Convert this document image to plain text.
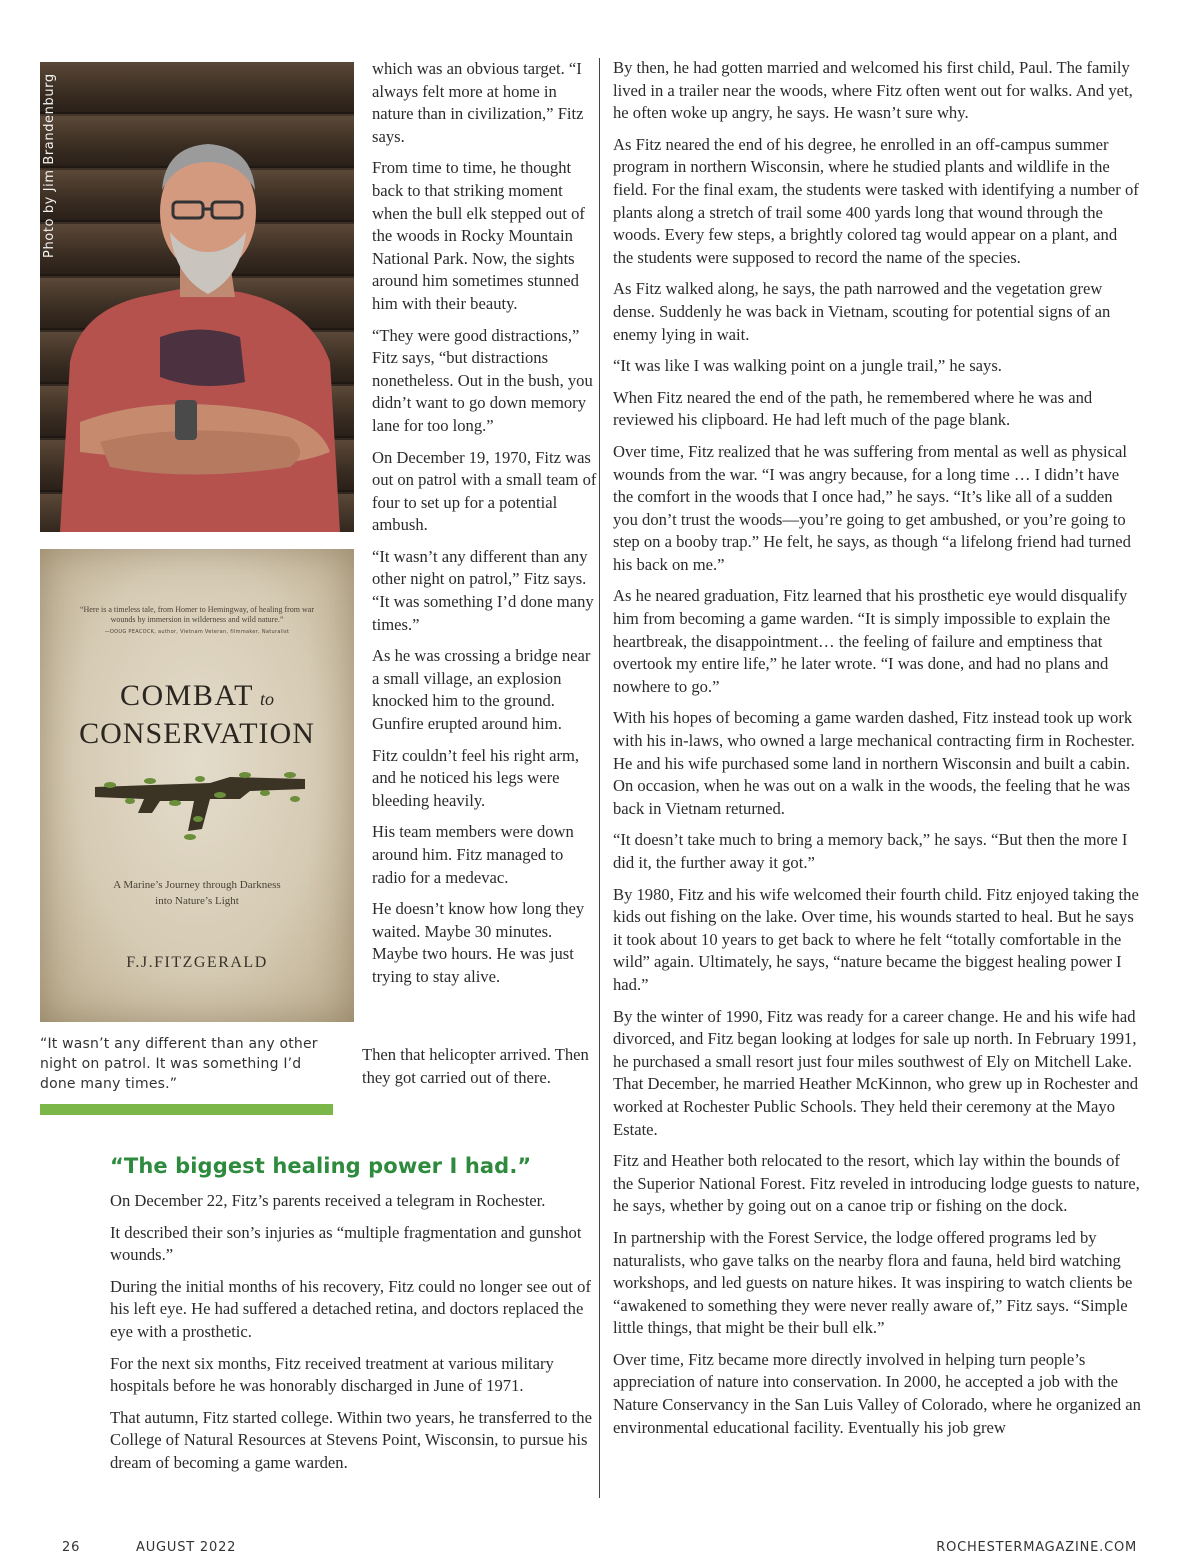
Photo by Jim Brandenburg
“Here is a timeless tale, from Homer to Hemingway, of healing from war wounds by immersion in wilderness and wild nature.”
—DOUG PEACOCK, author, Vietnam Veteran, filmmaker, Naturalist
COMBAT to
CONSERVATION
A Marine’s Journey through Darkness
into Nature’s Light
F.J.FITZGERALD
“It wasn’t any different than any other night on patrol. It was something I’d done many times.”

which was an obvious target. “I always felt more at home in nature than in civilization,” Fitz says.

From time to time, he thought back to that striking moment when the bull elk stepped out of the woods in Rocky Mountain National Park. Now, the sights around him sometimes stunned him with their beauty.

“They were good distractions,” Fitz says, “but distractions nonetheless. Out in the bush, you didn’t want to go down memory lane for too long.”

On December 19, 1970, Fitz was out on patrol with a small team of four to set up for a potential ambush.

“It wasn’t any different than any other night on patrol,” Fitz says. “It was something I’d done many times.”

As he was crossing a bridge near a small village, an explosion knocked him to the ground. Gunfire erupted around him.

Fitz couldn’t feel his right arm, and he noticed his legs were bleeding heavily.

His team members were down around him. Fitz managed to radio for a medevac.

He doesn’t know how long they waited. Maybe 30 minutes. Maybe two hours. He was just trying to stay alive.

Then that helicopter arrived. Then they got carried out of there.

By then, he had gotten married and welcomed his first child, Paul. The family lived in a trailer near the woods, where Fitz often went out for walks. And yet, he often woke up angry, he says. He wasn’t sure why.

As Fitz neared the end of his degree, he enrolled in an off-campus summer program in northern Wisconsin, where he studied plants and wildlife in the field. For the final exam, the students were tasked with identifying a number of plants along a stretch of trail some 400 yards long that wound through the woods. Every few steps, a brightly colored tag would appear on a plant, and the students were supposed to record the name of the species.

As Fitz walked along, he says, the path narrowed and the vegetation grew dense. Suddenly he was back in Vietnam, scouting for potential signs of an enemy lying in wait.

“It was like I was walking point on a jungle trail,” he says.

When Fitz neared the end of the path, he remembered where he was and reviewed his clipboard. He had left much of the page blank.

Over time, Fitz realized that he was suffering from mental as well as physical wounds from the war. “I was angry because, for a long time … I didn’t have the comfort in the woods that I once had,” he says. “It’s like all of a sudden you don’t trust the woods—you’re going to get ambushed, or you’re going to step on a booby trap.” He felt, he says, as though “a lifelong friend had turned his back on me.”

As he neared graduation, Fitz learned that his prosthetic eye would disqualify him from becoming a game warden. “It is simply impossible to explain the heartbreak, the disappointment… the feeling of failure and emptiness that overtook my entire life,” he later wrote. “I was done, and had no plans and nowhere to go.”

With his hopes of becoming a game warden dashed, Fitz instead took up work with his in-laws, who owned a large mechanical contracting firm in Rochester. He and his wife purchased some land in northern Wisconsin and built a cabin. On occasion, when he was out on a walk in the woods, the feeling that he was back in Vietnam returned.

“It doesn’t take much to bring a memory back,” he says. “But then the more I did it, the further away it got.”

By 1980, Fitz and his wife welcomed their fourth child. Fitz enjoyed taking the kids out fishing on the lake. Over time, his wounds started to heal. But he says it took about 10 years to get back to where he felt “totally comfortable in the wild” again. Ultimately, he says, “nature became the biggest healing power I had.”

By the winter of 1990, Fitz was ready for a career change. He and his wife had divorced, and Fitz began looking at lodges for sale up north. In February 1991, he purchased a small resort just four miles southwest of Ely on Mitchell Lake. That December, he married Heather McKinnon, who grew up in Rochester and worked at Rochester Public Schools. They held their ceremony at the Mayo Estate.

Fitz and Heather both relocated to the resort, which lay within the bounds of the Superior National Forest. Fitz reveled in introducing lodge guests to nature, he says, whether by going out on a canoe trip or fishing on the dock.

In partnership with the Forest Service, the lodge offered programs led by naturalists, who gave talks on the nearby flora and fauna, held bird watching workshops, and led guests on nature hikes. It was inspiring to watch clients be “awakened to something they were never really aware of,” Fitz says. “Simple little things, that might be their bull elk.”

Over time, Fitz became more directly involved in helping turn people’s appreciation of nature into conservation. In 2000, he accepted a job with the Nature Conservancy in the San Luis Valley of Colorado, where he organized an environmental educational facility. Eventually his job grew

“The biggest healing power I had.”

On December 22, Fitz’s parents received a telegram in Rochester.

It described their son’s injuries as “multiple fragmentation and gunshot wounds.”

During the initial months of his recovery, Fitz could no longer see out of his left eye. He had suffered a detached retina, and doctors replaced the eye with a prosthetic.

For the next six months, Fitz received treatment at various military hospitals before he was honorably discharged in June of 1971.

That autumn, Fitz started college. Within two years, he transferred to the College of Natural Resources at Stevens Point, Wisconsin, to pursue his dream of becoming a game warden.

26	AUGUST 2022	ROCHESTERMAGAZINE.COM
